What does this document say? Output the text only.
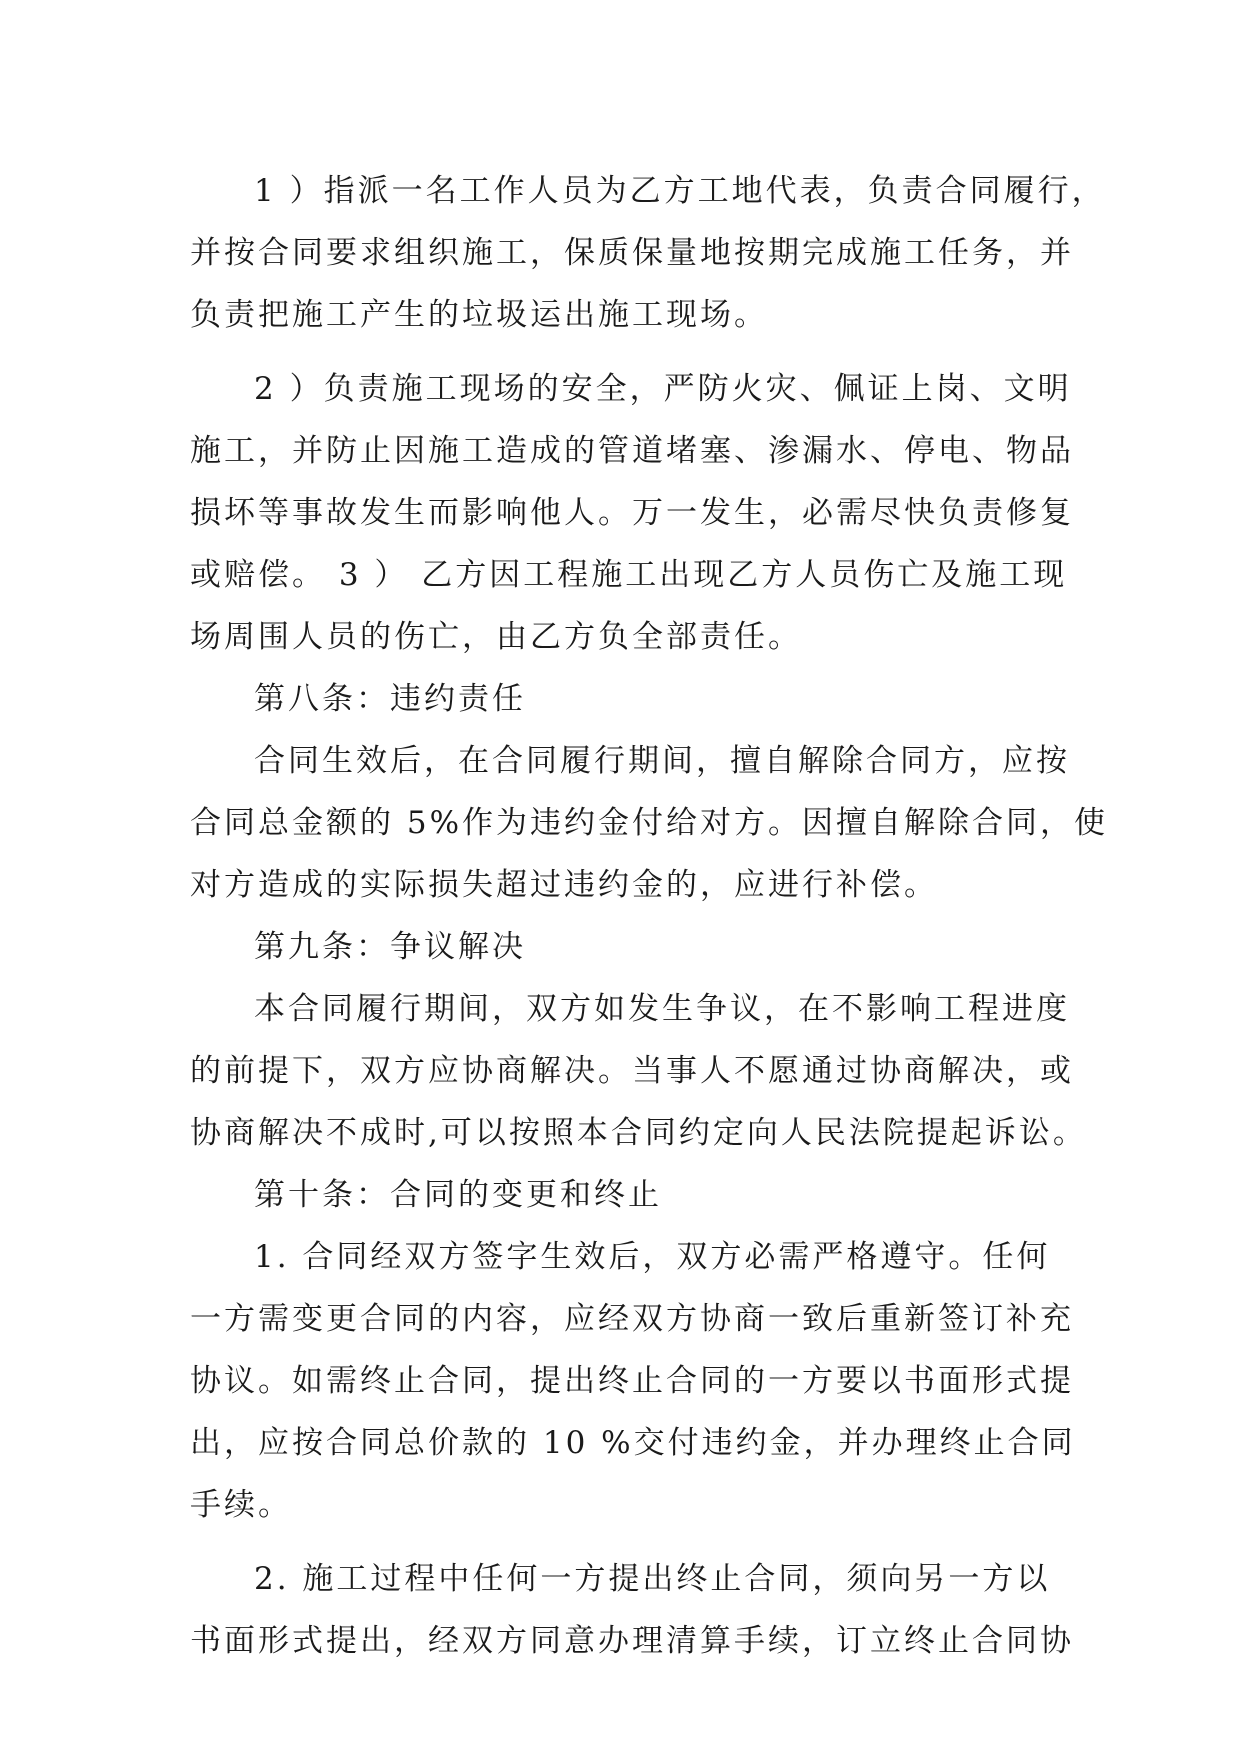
1 ）指派一名工作人员为乙方工地代表，负责合同履行，
并按合同要求组织施工，保质保量地按期完成施工任务，并
负责把施工产生的垃圾运出施工现场。
2 ）负责施工现场的安全，严防火灾、佩证上岗、文明
施工，并防止因施工造成的管道堵塞、渗漏水、停电、物品
损坏等事故发生而影响他人。万一发生，必需尽快负责修复
或赔偿。 3 ） 乙方因工程施工出现乙方人员伤亡及施工现
场周围人员的伤亡，由乙方负全部责任。
第八条：违约责任
合同生效后，在合同履行期间，擅自解除合同方，应按
合同总金额的 5%作为违约金付给对方。因擅自解除合同，使
对方造成的实际损失超过违约金的，应进行补偿。
第九条：争议解决
本合同履行期间，双方如发生争议，在不影响工程进度
的前提下，双方应协商解决。当事人不愿通过协商解决，或
协商解决不成时,可以按照本合同约定向人民法院提起诉讼。
第十条：合同的变更和终止
1. 合同经双方签字生效后，双方必需严格遵守。任何
一方需变更合同的内容，应经双方协商一致后重新签订补充
协议。如需终止合同，提出终止合同的一方要以书面形式提
出，应按合同总价款的 10 %交付违约金，并办理终止合同
手续。
2. 施工过程中任何一方提出终止合同，须向另一方以
书面形式提出，经双方同意办理清算手续，订立终止合同协
